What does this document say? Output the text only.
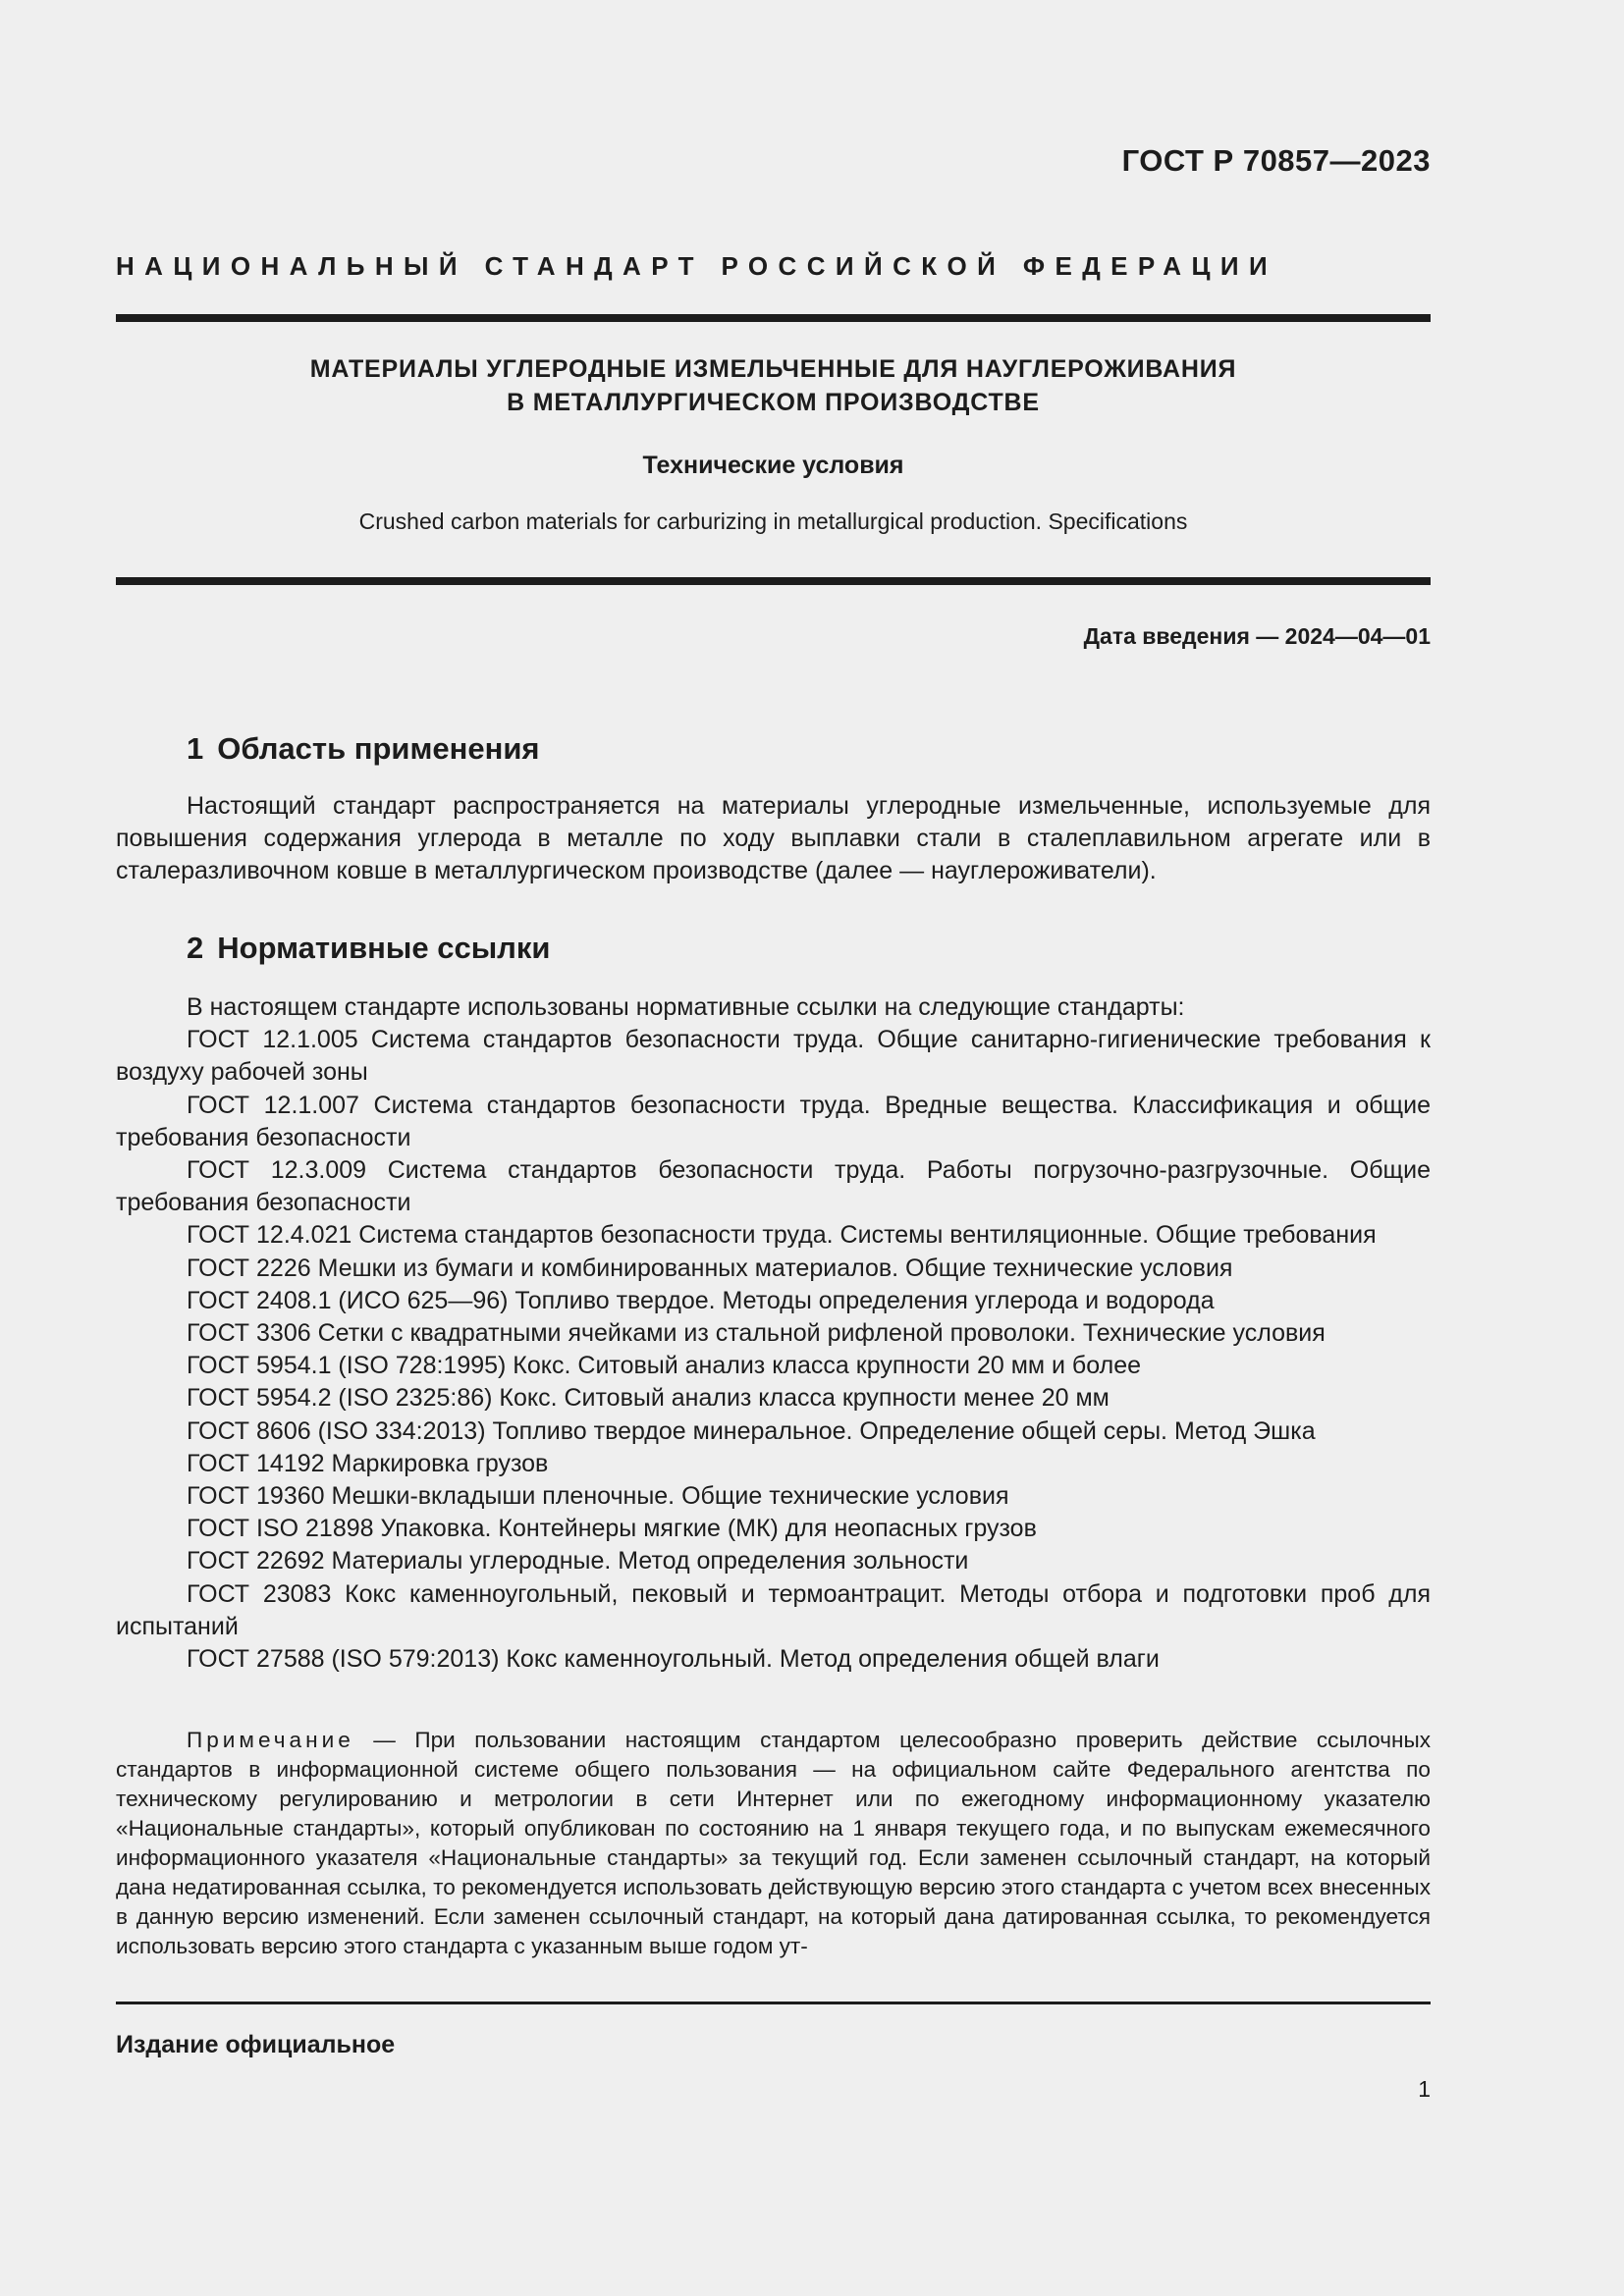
ГОСТ Р 70857—2023
НАЦИОНАЛЬНЫЙ СТАНДАРТ РОССИЙСКОЙ ФЕДЕРАЦИИ
МАТЕРИАЛЫ УГЛЕРОДНЫЕ ИЗМЕЛЬЧЕННЫЕ ДЛЯ НАУГЛЕРОЖИВАНИЯ
В МЕТАЛЛУРГИЧЕСКОМ ПРОИЗВОДСТВЕ
Технические условия
Crushed carbon materials for carburizing in metallurgical production. Specifications
Дата введения — 2024—04—01
1 Область применения
Настоящий стандарт распространяется на материалы углеродные измельченные, используемые для повышения содержания углерода в металле по ходу выплавки стали в сталеплавильном агрегате или в сталеразливочном ковше в металлургическом производстве (далее — науглероживатели).
2 Нормативные ссылки
В настоящем стандарте использованы нормативные ссылки на следующие стандарты:
ГОСТ 12.1.005 Система стандартов безопасности труда. Общие санитарно-гигиенические требования к воздуху рабочей зоны
ГОСТ 12.1.007 Система стандартов безопасности труда. Вредные вещества. Классификация и общие требования безопасности
ГОСТ 12.3.009 Система стандартов безопасности труда. Работы погрузочно-разгрузочные. Общие требования безопасности
ГОСТ 12.4.021 Система стандартов безопасности труда. Системы вентиляционные. Общие требования
ГОСТ 2226 Мешки из бумаги и комбинированных материалов. Общие технические условия
ГОСТ 2408.1 (ИСО 625—96) Топливо твердое. Методы определения углерода и водорода
ГОСТ 3306 Сетки с квадратными ячейками из стальной рифленой проволоки. Технические условия
ГОСТ 5954.1 (ISO 728:1995) Кокс. Ситовый анализ класса крупности 20 мм и более
ГОСТ 5954.2 (ISO 2325:86) Кокс. Ситовый анализ класса крупности менее 20 мм
ГОСТ 8606 (ISO 334:2013) Топливо твердое минеральное. Определение общей серы. Метод Эшка
ГОСТ 14192 Маркировка грузов
ГОСТ 19360 Мешки-вкладыши пленочные. Общие технические условия
ГОСТ ISO 21898 Упаковка. Контейнеры мягкие (МК) для неопасных грузов
ГОСТ 22692 Материалы углеродные. Метод определения зольности
ГОСТ 23083 Кокс каменноугольный, пековый и термоантрацит. Методы отбора и подготовки проб для испытаний
ГОСТ 27588 (ISO 579:2013) Кокс каменноугольный. Метод определения общей влаги
Примечание — При пользовании настоящим стандартом целесообразно проверить действие ссылочных стандартов в информационной системе общего пользования — на официальном сайте Федерального агентства по техническому регулированию и метрологии в сети Интернет или по ежегодному информационному указателю «Национальные стандарты», который опубликован по состоянию на 1 января текущего года, и по выпускам ежемесячного информационного указателя «Национальные стандарты» за текущий год. Если заменен ссылочный стандарт, на который дана недатированная ссылка, то рекомендуется использовать действующую версию этого стандарта с учетом всех внесенных в данную версию изменений. Если заменен ссылочный стандарт, на который дана датированная ссылка, то рекомендуется использовать версию этого стандарта с указанным выше годом ут-
Издание официальное
1
